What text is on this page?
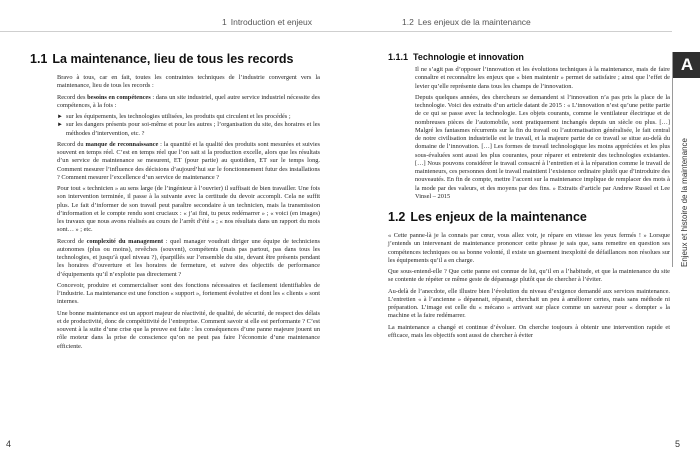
1 Introduction et enjeux
1.1 La maintenance, lieu de tous les records

Bravo à tous, car en fait, toutes les contraintes techniques de l’industrie convergent vers la maintenance, lieu de tous les records :

Record des besoins en compétences : dans un site industriel, quel autre service industriel nécessite des compétences, à la fois :

► sur les équipements, les technologies utilisées, les produits qui circulent et les procédés ;
► sur les dangers présents pour soi-même et pour les autres ; l’organisation du site, des horaires et les méthodes d’intervention, etc. ?

Record du manque de reconnaissance : la quantité et la qualité des produits sont mesurées et suivies souvent en temps réel. C’est en temps réel que l’on sait si la production excelle, alors que les résultats d’un service de maintenance se mesurent, ET (pour partie) au quotidien, ET sur le temps long. Comment mesurer l’influence des décisions d’aujourd’hui sur le fonctionnement futur des installations ? Comment mesurer l’excellence d’un service de maintenance ?

Pour tout « technicien » au sens large (de l’ingénieur à l’ouvrier) il suffisait de bien travailler. Une fois son intervention terminée, il passe à la suivante avec la certitude du devoir accompli. Cela ne suffit plus. Le fait d’informer de son travail peut paraître secondaire à un technicien, mais la transmission d’information et le compte rendu sont cruciaux : « j’ai fini, tu peux redémarrer » ; « voici (en images) les travaux que nous avons réalisés au cours de l’arrêt d’été » ; « nos résultats dans un rapport du mois sont… » ; etc.

Record de complexité du management : quel manager voudrait diriger une équipe de techniciens autonomes (plus ou moins), revêches (souvent), compétents (mais pas partout, pas dans tous les technologies, et jusqu’à quel niveau ?), éparpillés sur l’ensemble du site, devant être présents pendant les horaires d’ouverture et les horaires de fermeture, et suivre des objectifs de performance d’équipements qu’il n’exploite pas directement ?

Concevoir, produire et commercialiser sont des fonctions nécessaires et facilement identifiables de l’industrie. La maintenance est une fonction « support », fortement évolutive et dont les « clients » sont internes.

Une bonne maintenance est un apport majeur de réactivité, de qualité, de sécurité, de respect des délais et de productivité, donc de compétitivité de l’entreprise. Comment savoir si elle est performante ? C’est souvent à la suite d’une crise que la preuve est faite : les conséquences d’une panne majeure jouent un rôle moteur dans la prise de conscience qu’on ne peut pas faire l’économie d’une maintenance efficiente.

4
1.2 Les enjeux de la maintenance
A
Enjeux et histoire de la maintenance
1.1.1 Technologie et innovation

Il ne s’agit pas d’opposer l’innovation et les évolutions techniques à la maintenance, mais de faire connaître et reconnaître les enjeux que « bien maintenir » permet de satisfaire ; ainsi que l’effet de levier qu’elle représente dans tous les champs de l’innovation.

Depuis quelques années, des chercheurs se demandent si l’innovation n’a pas pris la place de la technologie. Voici des extraits d’un article datant de 2015 : « L’innovation n’est qu’une petite partie de ce qui se passe avec la technologie. Les objets courants, comme le ventilateur électrique et de nombreuses pièces de l’automobile, sont pratiquement inchangés depuis un siècle ou plus. […] Malgré les fantasmes récurrents sur la fin du travail ou l’automatisation généralisée, le fait central de notre civilisation industrielle est le travail, et la majeure partie de ce travail se situe au-delà du domaine de l’innovation. […] Les formes de travail technologique les moins appréciées et les plus sous-évaluées sont aussi les plus courantes, pour réparer et entretenir des technologies existantes. […] Nous pouvons considérer le travail consacré à l’entretien et à la réparation comme le travail de mainteneurs, ces personnes dont le travail maintient l’existence ordinaire plutôt que d’introduire des nouveautés. En fin de compte, mettre l’accent sur la maintenance implique de remplacer des mots à la mode par des valeurs, et des moyens par des fins. » Extraits d’article par Andrew Russel et Lee Vinsel – 2015

1.2 Les enjeux de la maintenance

« Cette panne-là je la connais par cœur, vous allez voir, je répare en vitesse les yeux fermés ! » Lorsque j’entends un intervenant de maintenance prononcer cette phrase je sais que, sans remettre en question ses compétences techniques ou sa bonne volonté, il existe un gisement inexploité de défaillances non résolues sur les équipements qu’il a en charge.

Que sous-entend-elle ? Que cette panne est connue de lui, qu’il en a l’habitude, et que la maintenance du site se contente de répéter ce même geste de dépannage plutôt que de chercher à l’éviter.

Au-delà de l’anecdote, elle illustre bien l’évolution du niveau d’exigence demandé aux services maintenance. L’entretien « à l’ancienne » dépannait, réparait, cherchait un peu à améliorer certes, mais sans méthode ni préparation. L’image est celle du « mécano » arrivant sur place comme un sauveur pour « dompter » la machine et la faire redémarrer.

La maintenance a changé et continue d’évoluer. On cherche toujours à obtenir une intervention rapide et efficace, mais les objectifs sont aussi de chercher à éviter

5
